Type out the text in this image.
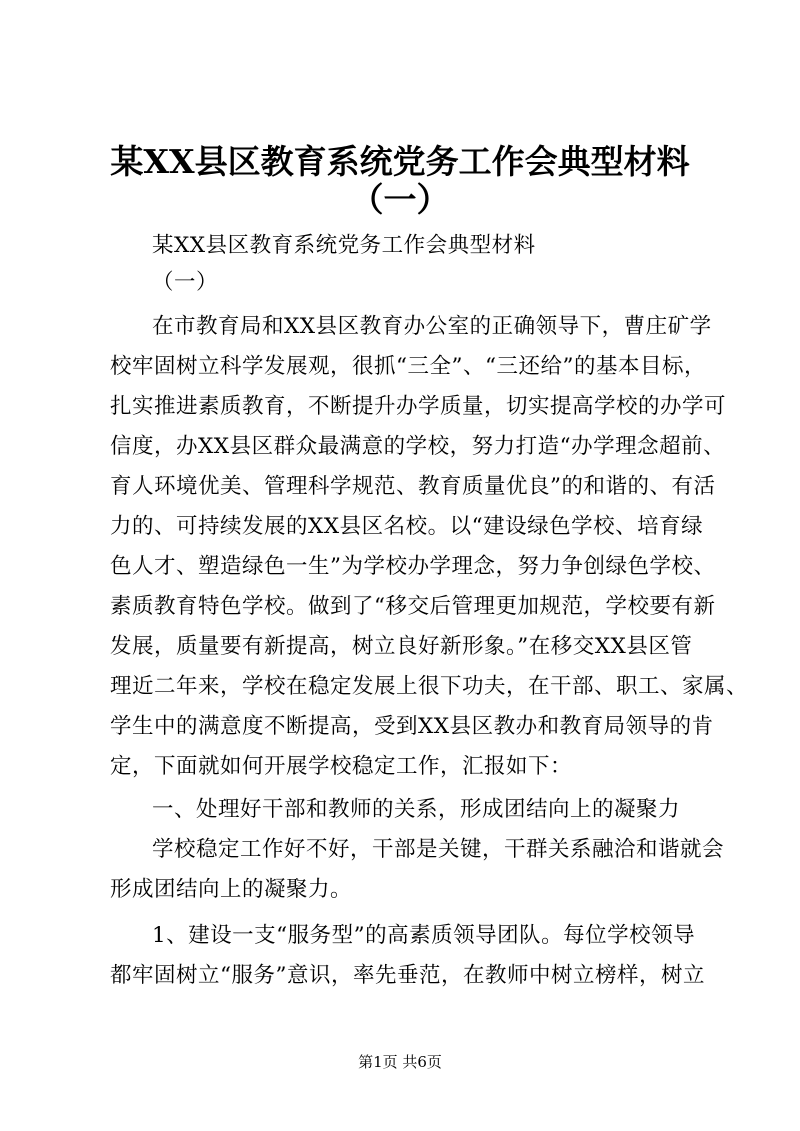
某XX县区教育系统党务工作会典型材料
（一）
某XX县区教育系统党务工作会典型材料
（一）
在市教育局和XX县区教育办公室的正确领导下，曹庄矿学
校牢固树立科学发展观，很抓“三全”、“三还给”的基本目标，
扎实推进素质教育，不断提升办学质量，切实提高学校的办学可
信度，办XX县区群众最满意的学校，努力打造“办学理念超前、
育人环境优美、管理科学规范、教育质量优良”的和谐的、有活
力的、可持续发展的XX县区名校。以“建设绿色学校、培育绿
色人才、塑造绿色一生”为学校办学理念，努力争创绿色学校、
素质教育特色学校。做到了“移交后管理更加规范，学校要有新
发展，质量要有新提高，树立良好新形象。”在移交XX县区管
理近二年来，学校在稳定发展上很下功夫，在干部、职工、家属、
学生中的满意度不断提高，受到XX县区教办和教育局领导的肯
定，下面就如何开展学校稳定工作，汇报如下：
一、处理好干部和教师的关系，形成团结向上的凝聚力
学校稳定工作好不好，干部是关键，干群关系融洽和谐就会
形成团结向上的凝聚力。
1、建设一支“服务型”的高素质领导团队。每位学校领导
都牢固树立“服务”意识，率先垂范，在教师中树立榜样，树立
第1页 共6页
